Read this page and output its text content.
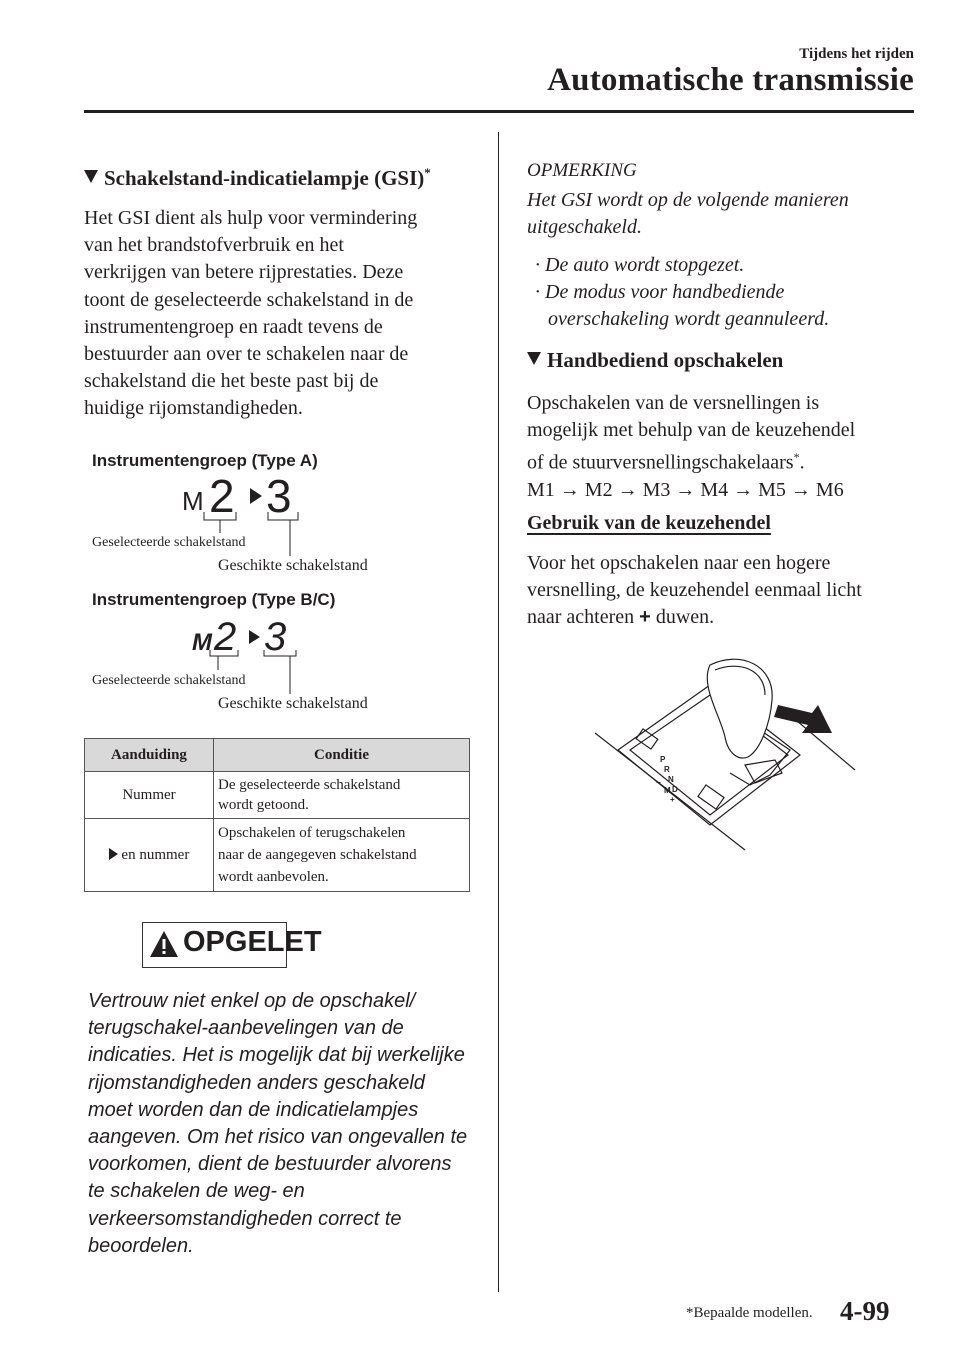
Tijdens het rijden
Automatische transmissie
Schakelstand-indicatielampje (GSI)*
Het GSI dient als hulp voor vermindering
van het brandstofverbruik en het
verkrijgen van betere rijprestaties. Deze
toont de geselecteerde schakelstand in de
instrumentengroep en raadt tevens de
bestuurder aan over te schakelen naar de
schakelstand die het beste past bij de
huidige rijomstandigheden.
Instrumentengroep (Type A)
M 2 3
Geselecteerde schakelstand
Geschikte schakelstand
Instrumentengroep (Type B/C)
M 2 3
Geselecteerde schakelstand
Geschikte schakelstand
Aanduiding	Conditie
Nummer	De geselecteerde schakelstand
wordt getoond.

en nummer	Opschakelen of terugschakelen
naar de aangegeven schakelstand
wordt aanbevolen.
OPGELET
Vertrouw niet enkel op de opschakel/
terugschakel-aanbevelingen van de
indicaties. Het is mogelijk dat bij werkelijke
rijomstandigheden anders geschakeld
moet worden dan de indicatielampjes
aangeven. Om het risico van ongevallen te
voorkomen, dient de bestuurder alvorens
te schakelen de weg- en
verkeersomstandigheden correct te
beoordelen.
OPMERKING
Het GSI wordt op de volgende manieren
uitgeschakeld.
· De auto wordt stopgezet.
· De modus voor handbediende
overschakeling wordt geannuleerd.
Handbediend opschakelen
Opschakelen van de versnellingen is
mogelijk met behulp van de keuzehendel
of de stuurversnellingschakelaars*.
M1 → M2 → M3 → M4 → M5 → M6
Gebruik van de keuzehendel
Voor het opschakelen naar een hogere
versnelling, de keuzehendel eenmaal licht
naar achteren + duwen.
P
R
N
D
M
+
−
*Bepaalde modellen. 4-99
